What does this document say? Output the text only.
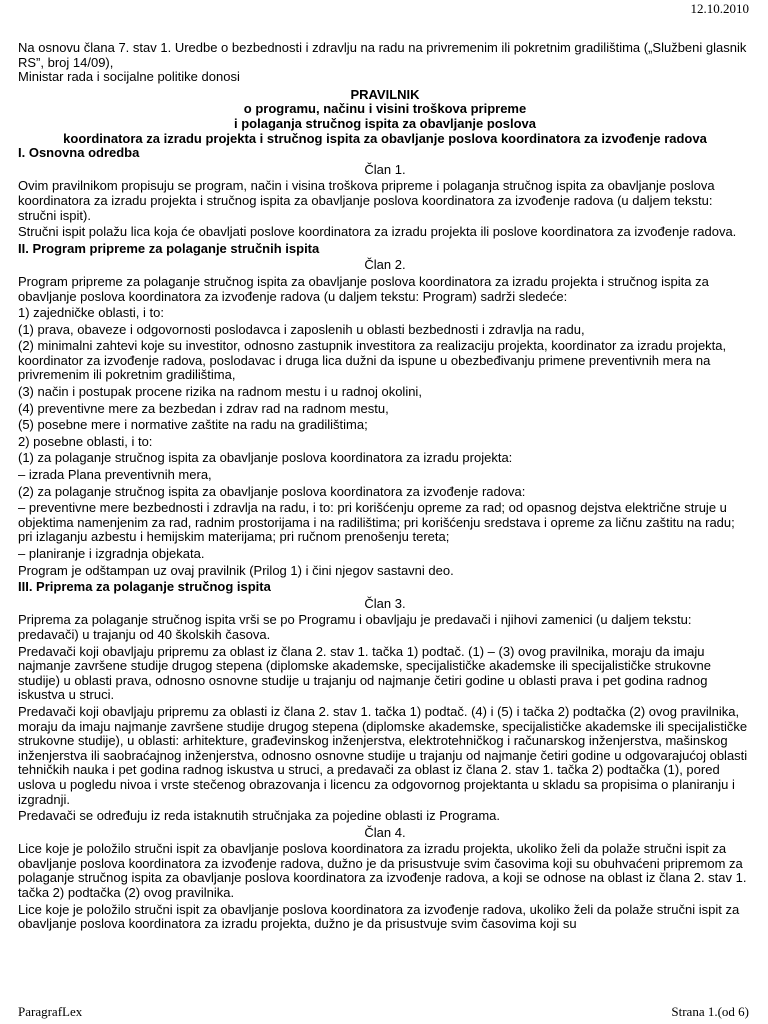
12.10.2010

Na osnovu člana 7. stav 1. Uredbe o bezbednosti i zdravlju na radu na privremenim ili pokretnim gradilištima („Službeni glasnik RS”, broj 14/09),

Ministar rada i socijalne politike donosi

PRAVILNIK
o programu, načinu i visini troškova pripreme
i polaganja stručnog ispita za obavljanje poslova
koordinatora za izradu projekta i stručnog ispita za obavljanje poslova koordinatora za izvođenje radova
I. Osnovna odredba
Član 1.

Ovim pravilnikom propisuju se program, način i visina troškova pripreme i polaganja stručnog ispita za obavljanje poslova koordinatora za izradu projekta i stručnog ispita za obavljanje poslova koordinatora za izvođenje radova (u daljem tekstu: stručni ispit).

Stručni ispit polažu lica koja će obavljati poslove koordinatora za izradu projekta ili poslove koordinatora za izvođenje radova.

II. Program pripreme za polaganje stručnih ispita
Član 2.

Program pripreme za polaganje stručnog ispita za obavljanje poslova koordinatora za izradu projekta i stručnog ispita za obavljanje poslova koordinatora za izvođenje radova (u daljem tekstu: Program) sadrži sledeće:

1) zajedničke oblasti, i to:

(1) prava, obaveze i odgovornosti poslodavca i zaposlenih u oblasti bezbednosti i zdravlja na radu,

(2) minimalni zahtevi koje su investitor, odnosno zastupnik investitora za realizaciju projekta, koordinator za izradu projekta, koordinator za izvođenje radova, poslodavac i druga lica dužni da ispune u obezbeđivanju primene preventivnih mera na privremenim ili pokretnim gradilištima,

(3) način i postupak procene rizika na radnom mestu i u radnoj okolini,

(4) preventivne mere za bezbedan i zdrav rad na radnom mestu,

(5) posebne mere i normative zaštite na radu na gradilištima;

2) posebne oblasti, i to:

(1) za polaganje stručnog ispita za obavljanje poslova koordinatora za izradu projekta:

– izrada Plana preventivnih mera,

(2) za polaganje stručnog ispita za obavljanje poslova koordinatora za izvođenje radova:

– preventivne mere bezbednosti i zdravlja na radu, i to: pri korišćenju opreme za rad; od opasnog dejstva električne struje u objektima namenjenim za rad, radnim prostorijama i na radilištima; pri korišćenju sredstava i opreme za ličnu zaštitu na radu; pri izlaganju azbestu i hemijskim materijama; pri ručnom prenošenju tereta;

– planiranje i izgradnja objekata.

Program je odštampan uz ovaj pravilnik (Prilog 1) i čini njegov sastavni deo.

III. Priprema za polaganje stručnog ispita
Član 3.

Priprema za polaganje stručnog ispita vrši se po Programu i obavljaju je predavači i njihovi zamenici (u daljem tekstu: predavači) u trajanju od 40 školskih časova.

Predavači koji obavljaju pripremu za oblast iz člana 2. stav 1. tačka 1) podtač. (1) – (3) ovog pravilnika, moraju da imaju najmanje završene studije drugog stepena (diplomske akademske, specijalističke akademske ili specijalističke strukovne studije) u oblasti prava, odnosno osnovne studije u trajanju od najmanje četiri godine u oblasti prava i pet godina radnog iskustva u struci.

Predavači koji obavljaju pripremu za oblasti iz člana 2. stav 1. tačka 1) podtač. (4) i (5) i tačka 2) podtačka (2) ovog pravilnika, moraju da imaju najmanje završene studije drugog stepena (diplomske akademske, specijalističke akademske ili specijalističke strukovne studije), u oblasti: arhitekture, građevinskog inženjerstva, elektrotehničkog i računarskog inženjerstva, mašinskog inženjerstva ili saobraćajnog inženjerstva, odnosno osnovne studije u trajanju od najmanje četiri godine u odgovarajućoj oblasti tehničkih nauka i pet godina radnog iskustva u struci, a predavači za oblast iz člana 2. stav 1. tačka 2) podtačka (1), pored uslova u pogledu nivoa i vrste stečenog obrazovanja i licencu za odgovornog projektanta u skladu sa propisima o planiranju i izgradnji.

Predavači se određuju iz reda istaknutih stručnjaka za pojedine oblasti iz Programa.

Član 4.

Lice koje je položilo stručni ispit za obavljanje poslova koordinatora za izradu projekta, ukoliko želi da polaže stručni ispit za obavljanje poslova koordinatora za izvođenje radova, dužno je da prisustvuje svim časovima koji su obuhvaćeni pripremom za polaganje stručnog ispita za obavljanje poslova koordinatora za izvođenje radova, a koji se odnose na oblast iz člana 2. stav 1. tačka 2) podtačka (2) ovog pravilnika.

Lice koje je položilo stručni ispit za obavljanje poslova koordinatora za izvođenje radova, ukoliko želi da polaže stručni ispit za obavljanje poslova koordinatora za izradu projekta, dužno je da prisustvuje svim časovima koji su

ParagrafLex	Strana 1.(od 6)
